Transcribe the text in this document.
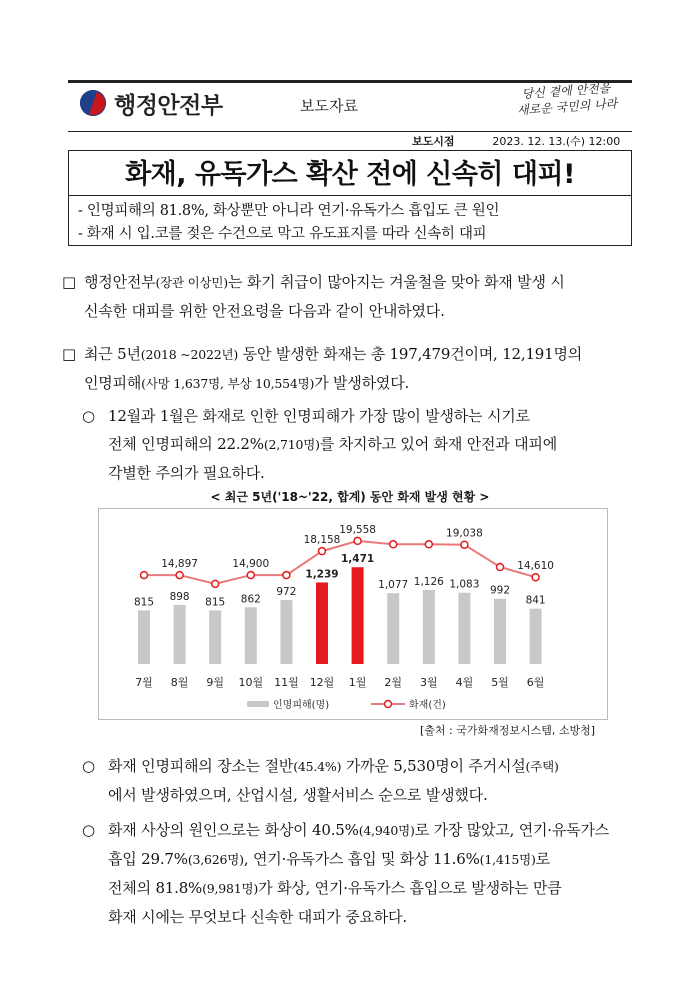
행정안전부	보도자료
당신 곁에 안전을
새로운 국민의 나라
보도시점	2023. 12. 13.(수) 12:00
화재, 유독가스 확산 전에 신속히 대피!
- 인명피해의 81.8%, 화상뿐만 아니라 연기·유독가스 흡입도 큰 원인
- 화재 시 입.코를 젖은 수건으로 막고 유도표지를 따라 신속히 대피
□ 행정안전부(장관 이상민)는 화기 취급이 많아지는 겨울철을 맞아 화재 발생 시
신속한 대피를 위한 안전요령을 다음과 같이 안내하였다.
□ 최근 5년(2018 ~2022년) 동안 발생한 화재는 총 197,479건이며, 12,191명의
인명피해(사망 1,637명, 부상 10,554명)가 발생하였다.
○ 12월과 1월은 화재로 인한 인명피해가 가장 많이 발생하는 시기로
전체 인명피해의 22.2%(2,710명)를 차지하고 있어 화재 안전과 대피에
각별한 주의가 필요하다.
< 최근 5년('18~'22, 합계) 동안 화재 발생 현황 >
815
7월
898
8월
815
9월
862
10월
972
11월
1,239
12월
1,471
1월
1,077
2월
1,126
3월
1,083
4월
992
5월
841
6월
14,897	14,900
18,158
19,558	19,038
14,610
인명피해(명)	화재(건)
[출처 : 국가화재정보시스템, 소방청]
○ 화재 인명피해의 장소는 절반(45.4%) 가까운 5,530명이 주거시설(주택)
에서 발생하였으며, 산업시설, 생활서비스 순으로 발생했다.
○ 화재 사상의 원인으로는 화상이 40.5%(4,940명)로 가장 많았고, 연기·유독가스
흡입 29.7%(3,626명), 연기·유독가스 흡입 및 화상 11.6%(1,415명)로
전체의 81.8%(9,981명)가 화상, 연기·유독가스 흡입으로 발생하는 만큼
화재 시에는 무엇보다 신속한 대피가 중요하다.
